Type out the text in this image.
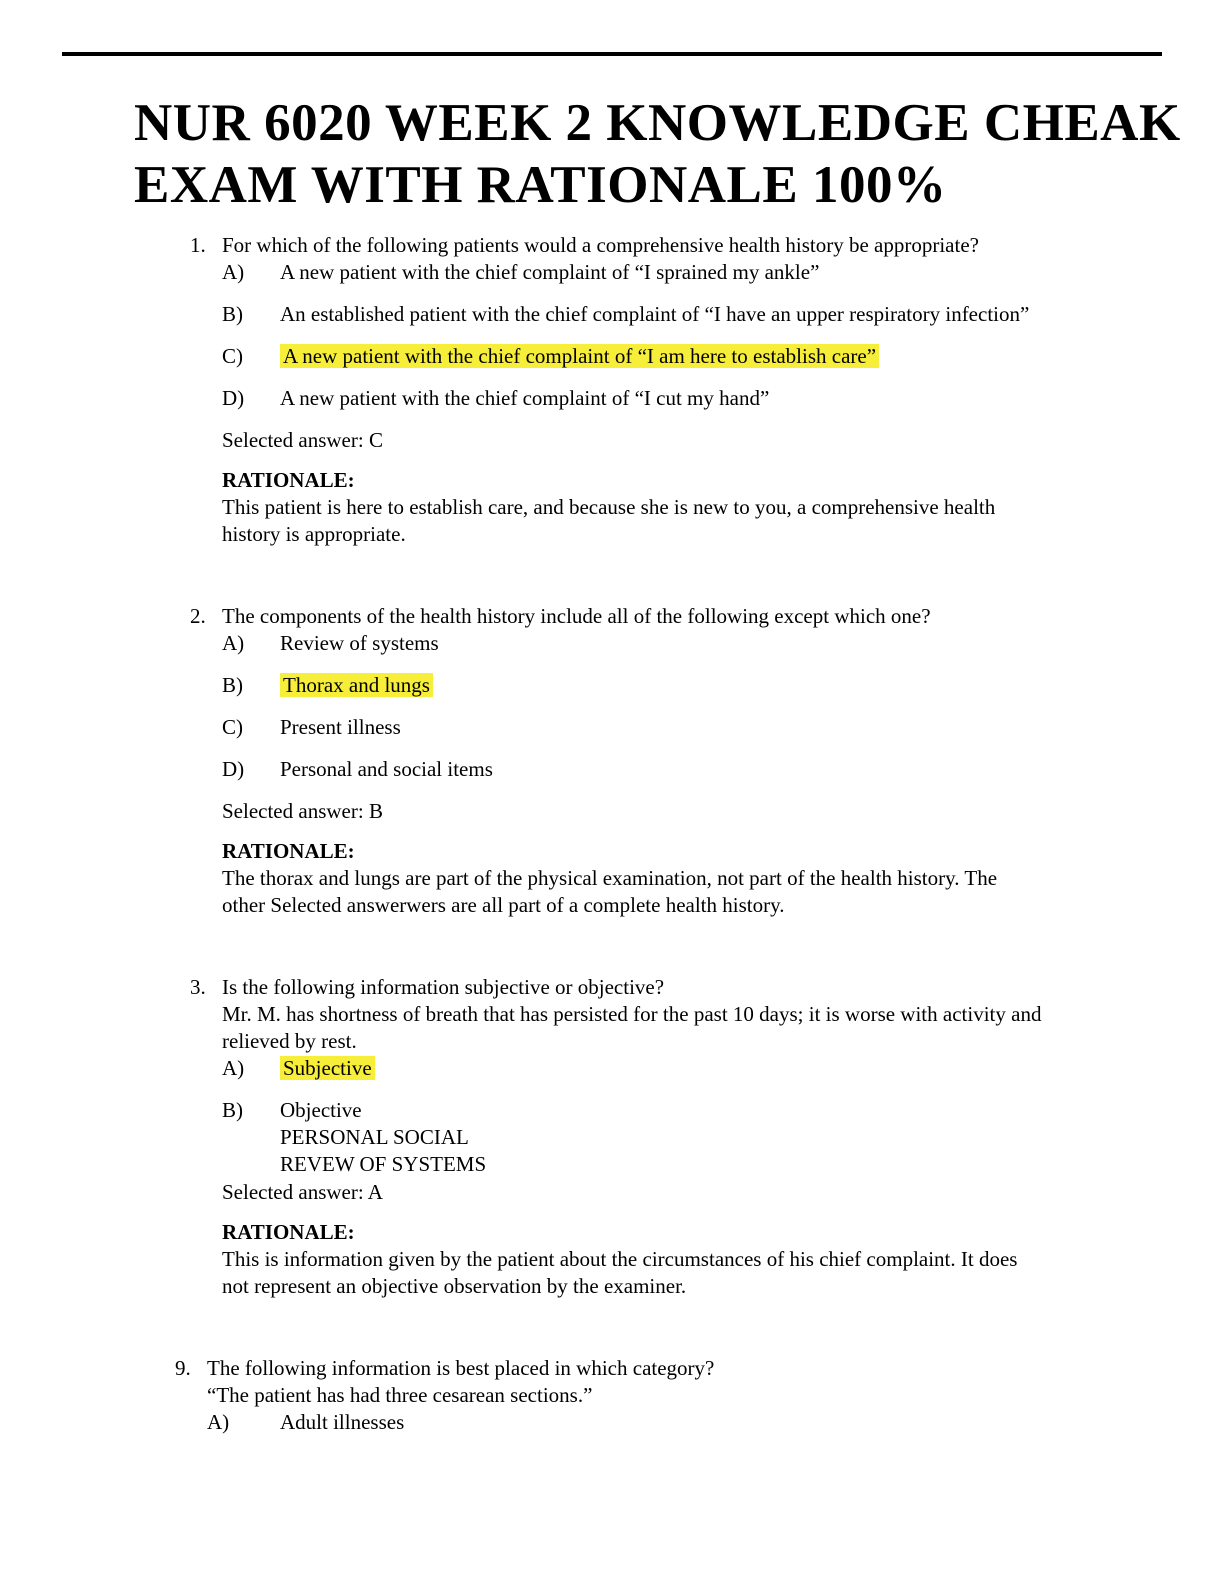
NUR 6020 WEEK 2 KNOWLEDGE CHEAK
EXAM WITH RATIONALE 100%
1. For which of the following patients would a comprehensive health history be appropriate?
A)	A new patient with the chief complaint of “I sprained my ankle”
B)	An established patient with the chief complaint of “I have an upper respiratory infection”
C)	A new patient with the chief complaint of “I am here to establish care”
D)	A new patient with the chief complaint of “I cut my hand”

Selected answer: C

RATIONALE:

This patient is here to establish care, and because she is new to you, a comprehensive health history is appropriate.

2. The components of the health history include all of the following except which one?
A)	Review of systems
B)	Thorax and lungs
C)	Present illness
D)	Personal and social items

Selected answer: B

RATIONALE:

The thorax and lungs are part of the physical examination, not part of the health history. The other Selected answerwers are all part of a complete health history.

3. Is the following information subjective or objective?
Mr. M. has shortness of breath that has persisted for the past 10 days; it is worse with activity and relieved by rest.
A)	Subjective
B)	Objective
PERSONAL SOCIAL
REVEW OF SYSTEMS

Selected answer: A

RATIONALE:

This is information given by the patient about the circumstances of his chief complaint. It does not represent an objective observation by the examiner.

9. The following information is best placed in which category?
“The patient has had three cesarean sections.”
A)	Adult illnesses
